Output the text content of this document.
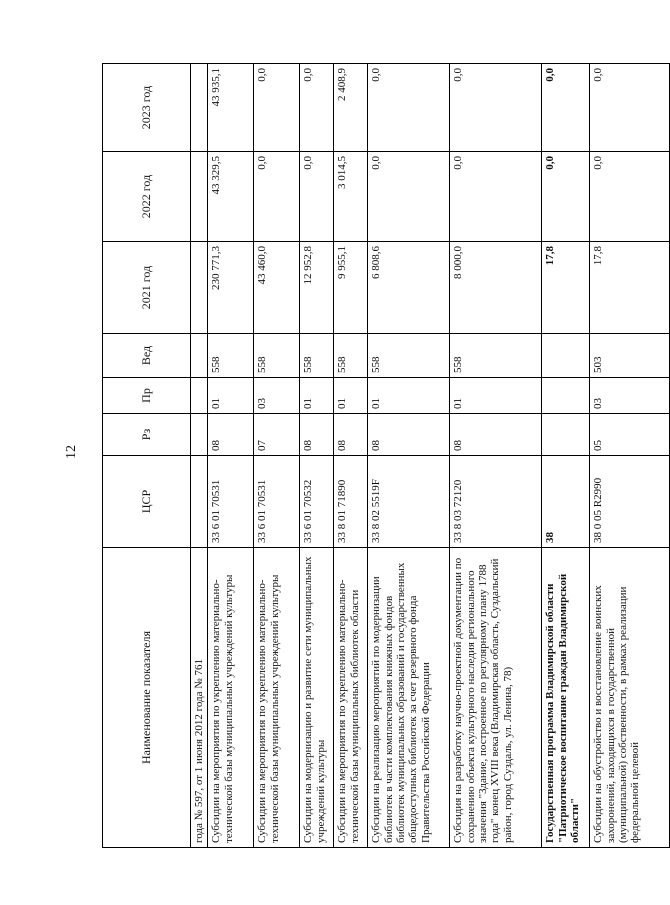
12
Наименование показателя	ЦСР	Рз	Пр	Вед	2021 год	2022 год	2023 год
года № 597, от 1 июня 2012 года № 761							
Субсидии на мероприятия по укреплению материально-технической базы муниципальных учреждений культуры	33 6 01 70531	08	01	558	230 771,3	43 329,5	43 935,1
Субсидии на мероприятия по укреплению материально-технической базы муниципальных учреждений культуры	33 6 01 70531	07	03	558	43 460,0	0,0	0,0
Субсидии на модернизацию и развитие сети муниципальных учреждений культуры	33 6 01 70532	08	01	558	12 952,8	0,0	0,0
Субсидии на мероприятия по укреплению материально-технической базы муниципальных библиотек области	33 8 01 71890	08	01	558	9 955,1	3 014,5	2 408,9
Субсидии на реализацию мероприятий по модернизации библиотек в части комплектования книжных фондов библиотек муниципальных образований и государственных общедоступных библиотек за счет резервного фонда Правительства Российской Федерации	33 8 02 5519F	08	01	558	6 808,6	0,0	0,0
Субсидия на разработку научно-проектной документации по сохранению объекта культурного наследия регионального значения "Здание, построенное по регулярному плану 1788 года" конец XVIII века (Владимирская область, Суздальский район, город Суздаль, ул. Ленина, 78)	33 8 03 72120	08	01	558	8 000,0	0,0	0,0
Государственная программа Владимирской области "Патриотическое воспитание граждан Владимирской области"	38				17,8	0,0	0,0
Субсидии на обустройство и восстановление воинских захоронений, находящихся в государственной (муниципальной) собственности, в рамках реализации федеральной целевой	38 0 05 R2990	05	03	503	17,8	0,0	0,0
